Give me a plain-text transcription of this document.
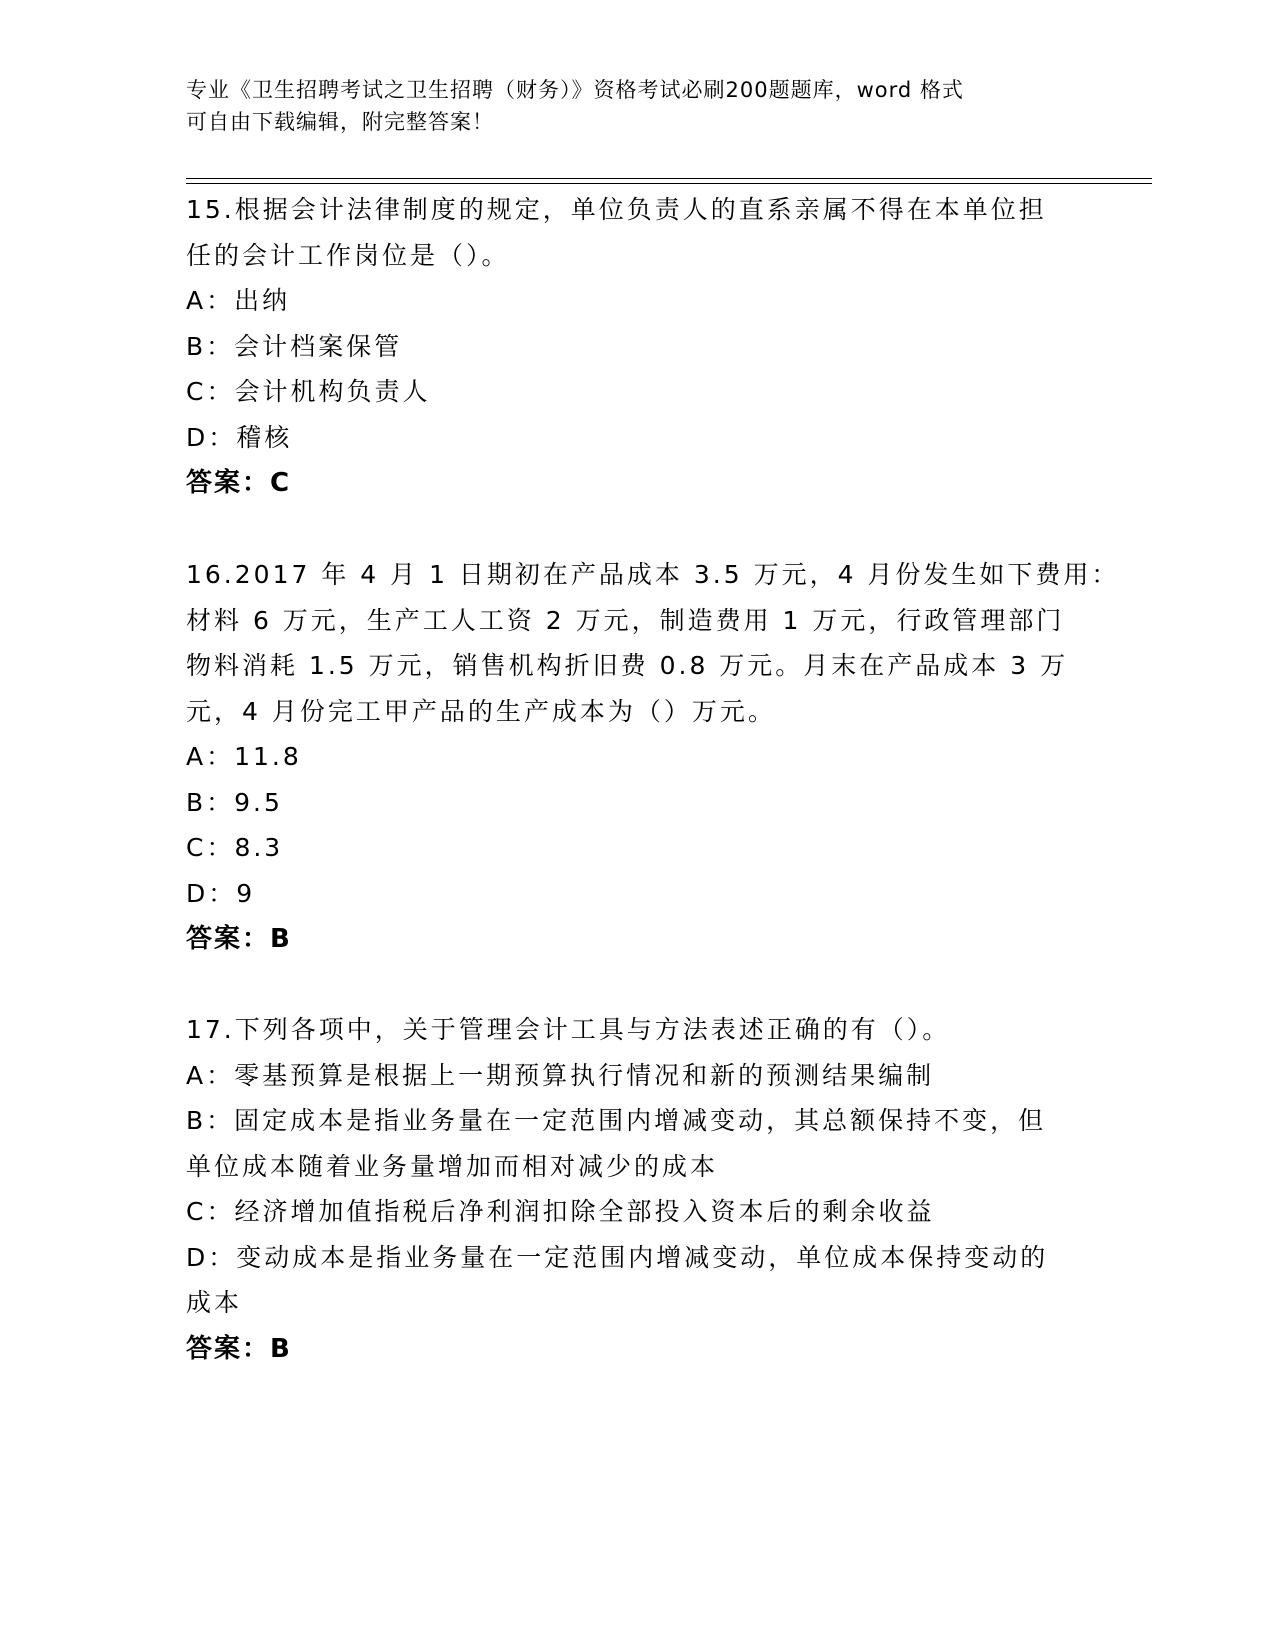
专业《卫生招聘考试之卫生招聘（财务）》资格考试必刷200题题库，word 格式

可自由下载编辑，附完整答案！

15.根据会计法律制度的规定，单位负责人的直系亲属不得在本单位担

任的会计工作岗位是（）。

A：出纳

B：会计档案保管

C：会计机构负责人

D：稽核

答案：C

16.2017 年 4 月 1 日期初在产品成本 3.5 万元，4 月份发生如下费用：

材料 6 万元，生产工人工资 2 万元，制造费用 1 万元，行政管理部门

物料消耗 1.5 万元，销售机构折旧费 0.8 万元。月末在产品成本 3 万

元，4 月份完工甲产品的生产成本为（）万元。

A：11.8

B：9.5

C：8.3

D：9

答案：B

17.下列各项中，关于管理会计工具与方法表述正确的有（）。

A：零基预算是根据上一期预算执行情况和新的预测结果编制

B：固定成本是指业务量在一定范围内增减变动，其总额保持不变，但

单位成本随着业务量增加而相对减少的成本

C：经济增加值指税后净利润扣除全部投入资本后的剩余收益

D：变动成本是指业务量在一定范围内增减变动，单位成本保持变动的

成本

答案：B
